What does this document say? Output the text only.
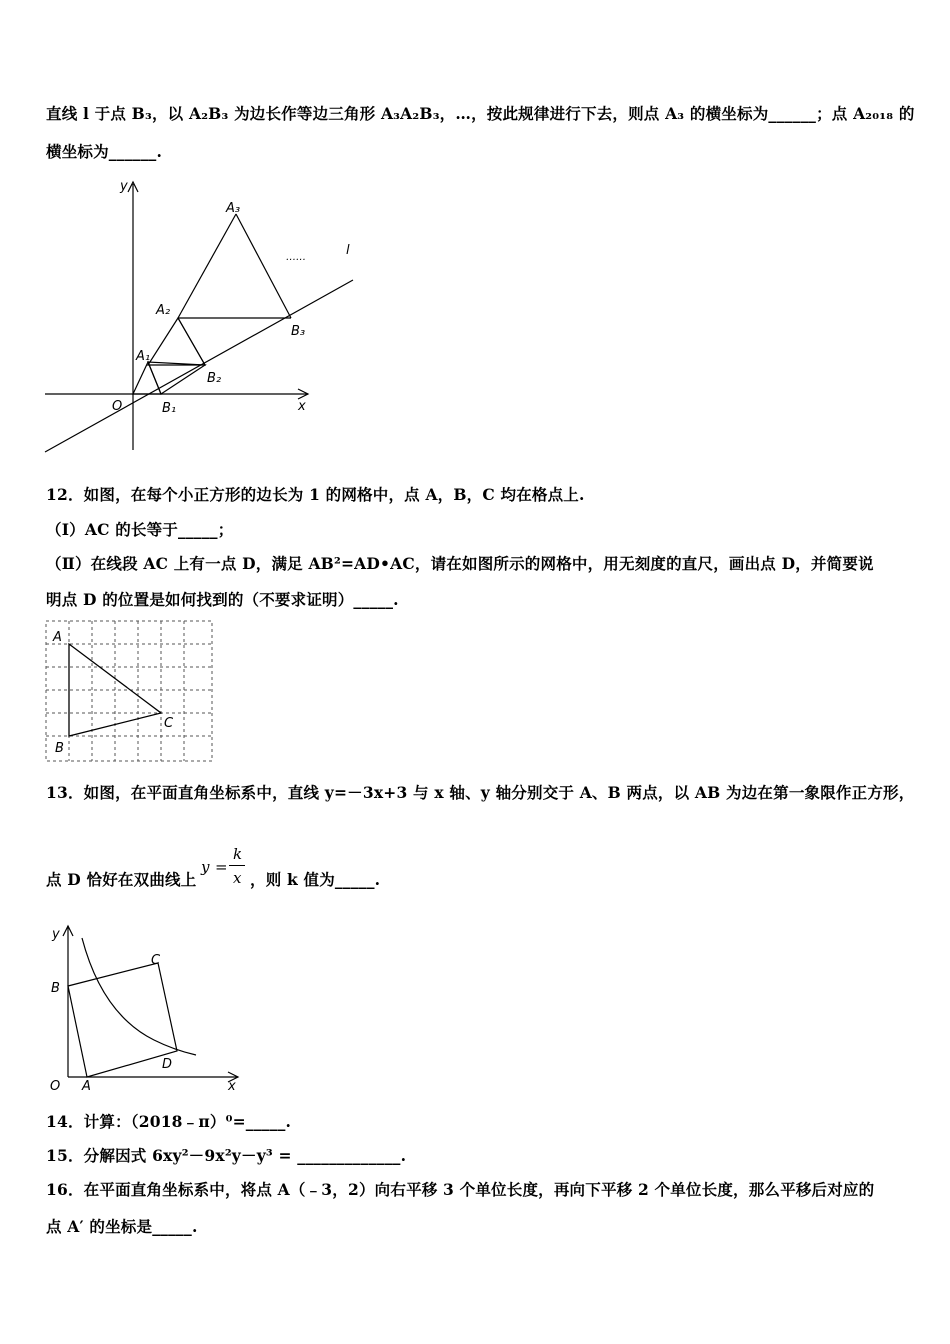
直线 l 于点 B₃，以 A₂B₃ 为边长作等边三角形 A₃A₂B₃，…，按此规律进行下去，则点 A₃ 的横坐标为______；点 A₂₀₁₈ 的
横坐标为______.
y
x
O
l
A₁
A₂
A₃
B₁
B₂
B₃
……
12．如图，在每个小正方形的边长为 1 的网格中，点 A，B，C 均在格点上.
（Ⅰ）AC 的长等于_____；
（Ⅱ）在线段 AC 上有一点 D，满足 AB²=AD•AC，请在如图所示的网格中，用无刻度的直尺，画出点 D，并简要说
明点 D 的位置是如何找到的（不要求证明）_____.
A
B
C
13．如图，在平面直角坐标系中，直线 y=－3x+3 与 x 轴、y 轴分别交于 A、B 两点，以 AB 为边在第一象限作正方形，
点 D 恰好在双曲线上
y =
k
x ，则 k 值为_____.
y
x
O A
B
C
D
14．计算：（2018﹣π）⁰=_____.
15．分解因式 6xy²－9x²y－y³ = _____________.
16．在平面直角坐标系中，将点 A（﹣3，2）向右平移 3 个单位长度，再向下平移 2 个单位长度，那么平移后对应的
点 A′ 的坐标是_____.
